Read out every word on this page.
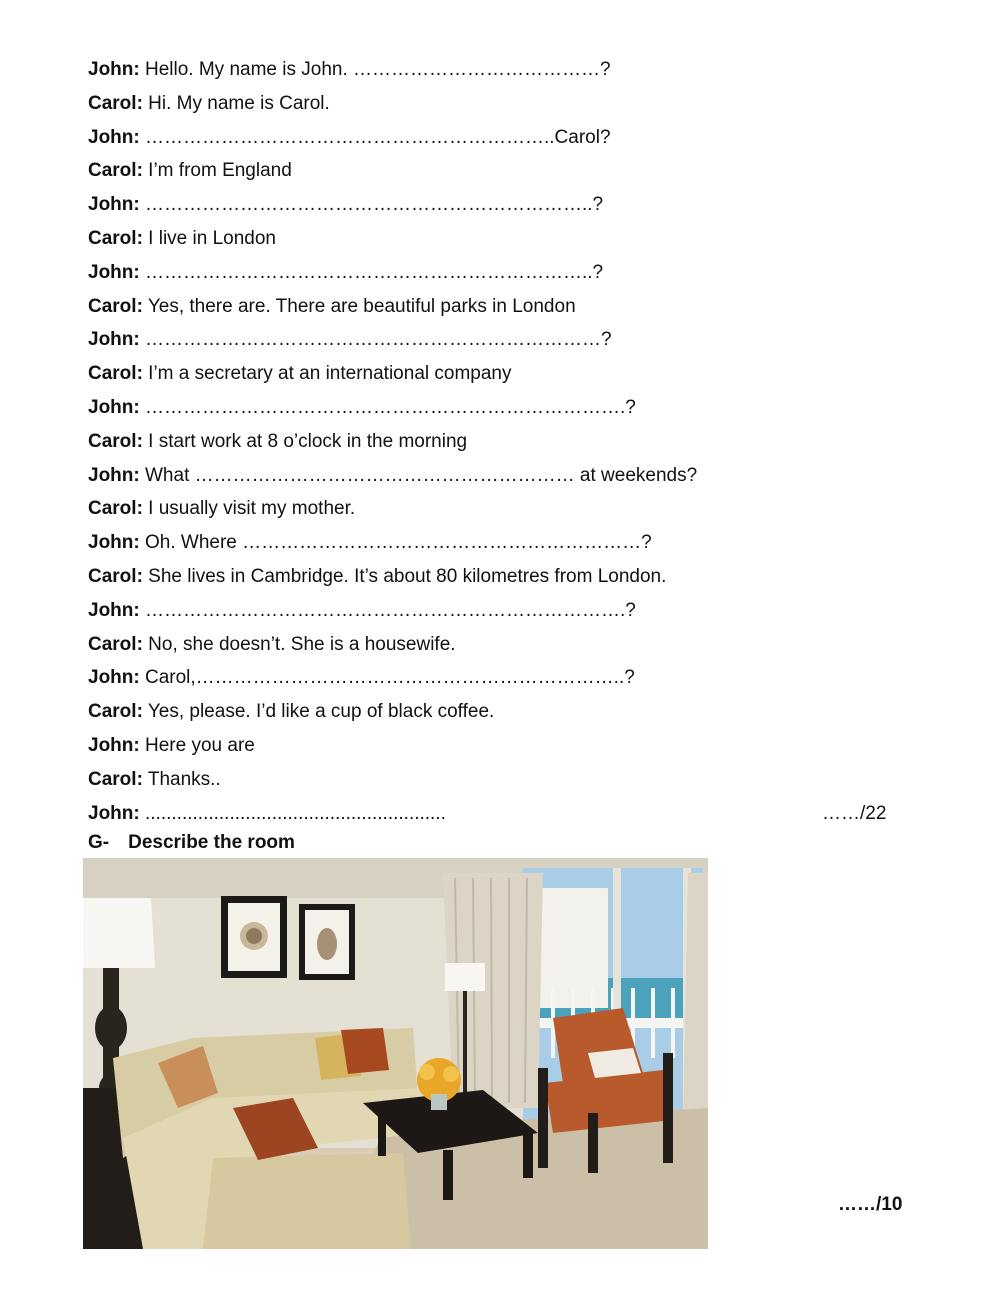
John: Hello. My name is John. …………………………………?
Carol: Hi. My name is Carol.
John: ………………………………………………………..Carol?
Carol: I’m from England
John: ……………………………………………………………..?
Carol: I live in London
John: ……………………………………………………………..?
Carol: Yes, there are. There are beautiful parks in London
John: ………………………………………………………………?
Carol: I’m a secretary at an international company
John: ………………………………………………………………….?
Carol: I start work at 8 o’clock in the morning
John: What …………………………………………………… at weekends?
Carol: I usually visit my mother.
John: Oh. Where ………………………………………………………?
Carol: She lives in Cambridge. It’s about 80 kilometres from London.
John: ………………………………………………………………….?
Carol: No, she doesn’t. She is a housewife.
John: Carol,…………………………………………………………..?
Carol: Yes, please. I’d like a cup of black coffee.
John: Here you are
Carol: Thanks..
John: .........................................................	……/22
G- Describe the room
……/10
